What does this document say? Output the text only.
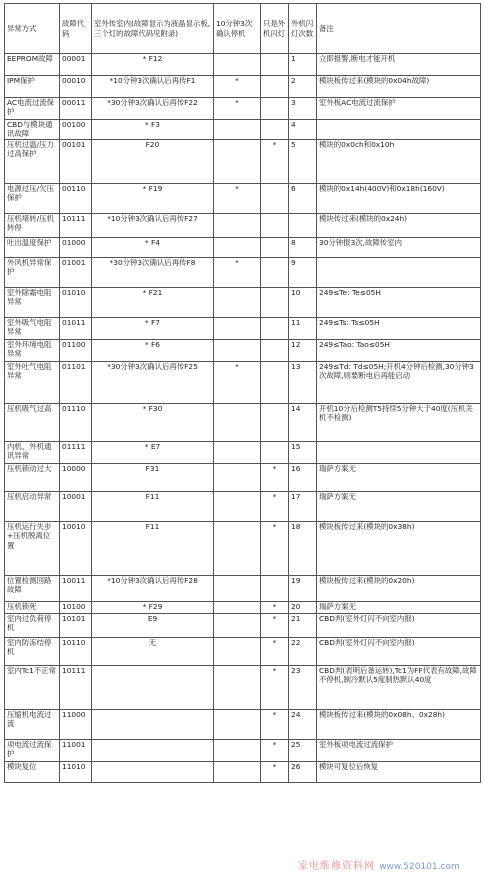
异常方式	故障代码	室外传室内(故障显示为液晶显示板,三个灯的故障代码见附录)	10分钟3次确认停机	只是外机闪灯	外机闪灯次数	备注
EEPROM故障	00001	* F12			1	立即报警,断电才能开机
IPM保护	00010	*10分钟3次确认后再传F1	*		2	模块板传过来(模块的0x04h故障)
AC电流过流保护	00011	*30分钟3次确认后再传F22	*		3	室外板AC电流过流保护
CBD与模块通讯故障	00100	* F3			4	
压机过温/压力过高保护	00101	F20		*	5	模块的0x0ch和0x10h
电源过压/欠压保护	00110	* F19	*		6	模块的0x14h(400V)和0x18h(160V)
压机堵转/压机转停	10111	*10分钟3次确认后再传F27				模块传过来(模块的0x24h)
吐出温度保护	01000	* F4			8	30分钟报3次,故障传室内
外风机异常保护	01001	*30分钟3次确认后再传F8	*		9	
室外除霜电阻异常	01010	* F21			10	249≤Te: Te≤05H
室外吸气电阻异常	01011	* F7			11	249≤Ts: Ts≤05H
室外环境电阻异常	01100	* F6			12	249≤Tao: Tao≤05H
室外吐气电阻异常	01101	*30分钟3次确认后再传F25	*		13	249≤Td: Td≤05H;开机4分钟后检测,30分钟3次故障,则要断电后再能启动
压机吸气过高	01110	* F30			14	开机10分后检测T5持续5分钟大于40度(压机关机不检测)
内机、外机通讯异常	01111	* E7			15	
压机锁动过大	10000	F31		*	16	瑞萨方案无
压机启动异常	10001	F11		*	17	瑞萨方案无
压机运行失步+压机脱离位置	10010	F11		*	18	模块板传过来(模块的0x38h)
位置检测回路故障	10011	*10分钟3次确认后再传F28			19	模块板传过来(模块的0x20h)
压机锁死	10100	* F29		*	20	瑞萨方案无
室内过负荷停机	10101	E9		*	21	CBD判(室外灯闪不向室内报)
室内防冻结停机	10110	无		*	22	CBD判(室外灯闪不向室内报)
室内Tc1不正常	10111			*	23	CBD判(表明后备运转),Tc1为FF代表有故障,故障不停机,制冷默认5度制热默认40度
压缩机电流过流	11000			*	24	模块板传过来(模块的0x08h、0x28h)
项电流过流保护	11001			*	25	室外板项电流过流保护
模块复位	11010			*	26	模块可复位后恢复
家电维修资料网 www.520101.com
